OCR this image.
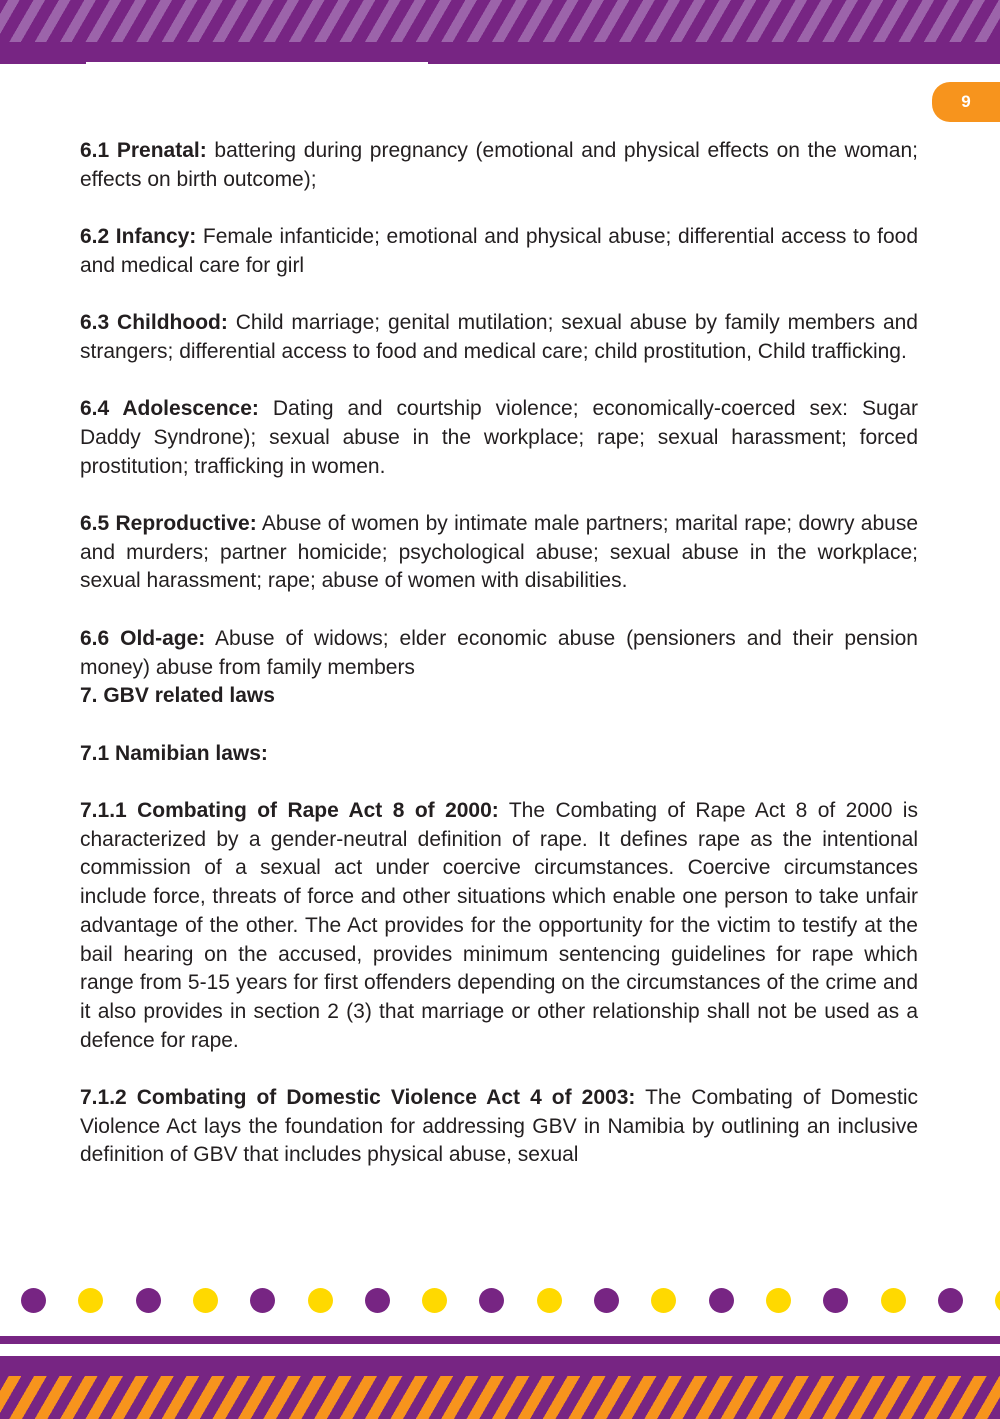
9

6.1 Prenatal: battering during pregnancy (emotional and physical effects on the woman; effects on birth outcome);

6.2 Infancy: Female infanticide; emotional and physical abuse; differential access to food and medical care for girl

6.3 Childhood: Child marriage; genital mutilation; sexual abuse by family members and strangers; differential access to food and medical care; child prostitution, Child trafficking.

6.4 Adolescence: Dating and courtship violence; economically-coerced sex: Sugar Daddy Syndrone); sexual abuse in the workplace; rape; sexual harassment; forced prostitution; trafficking in women.

6.5 Reproductive: Abuse of women by intimate male partners; marital rape; dowry abuse and murders; partner homicide; psychological abuse; sexual abuse in the workplace; sexual harassment; rape; abuse of women with disabilities.

6.6 Old-age: Abuse of widows; elder economic abuse (pensioners and their pension money) abuse from family members

7. GBV related laws

7.1 Namibian laws:

7.1.1 Combating of Rape Act 8 of 2000: The Combating of Rape Act 8 of 2000 is characterized by a gender-neutral definition of rape. It defines rape as the intentional commission of a sexual act under coercive circumstances. Coercive circumstances include force, threats of force and other situations which enable one person to take unfair advantage of the other. The Act provides for the opportunity for the victim to testify at the bail hearing on the accused, provides minimum sentencing guidelines for rape which range from 5-15 years for first offenders depending on the circumstances of the crime and it also provides in section 2 (3) that marriage or other relationship shall not be used as a defence for rape.

7.1.2 Combating of Domestic Violence Act 4 of 2003: The Combating of Domestic Violence Act lays the foundation for addressing GBV in Namibia by outlining an inclusive definition of GBV that includes physical abuse, sexual
